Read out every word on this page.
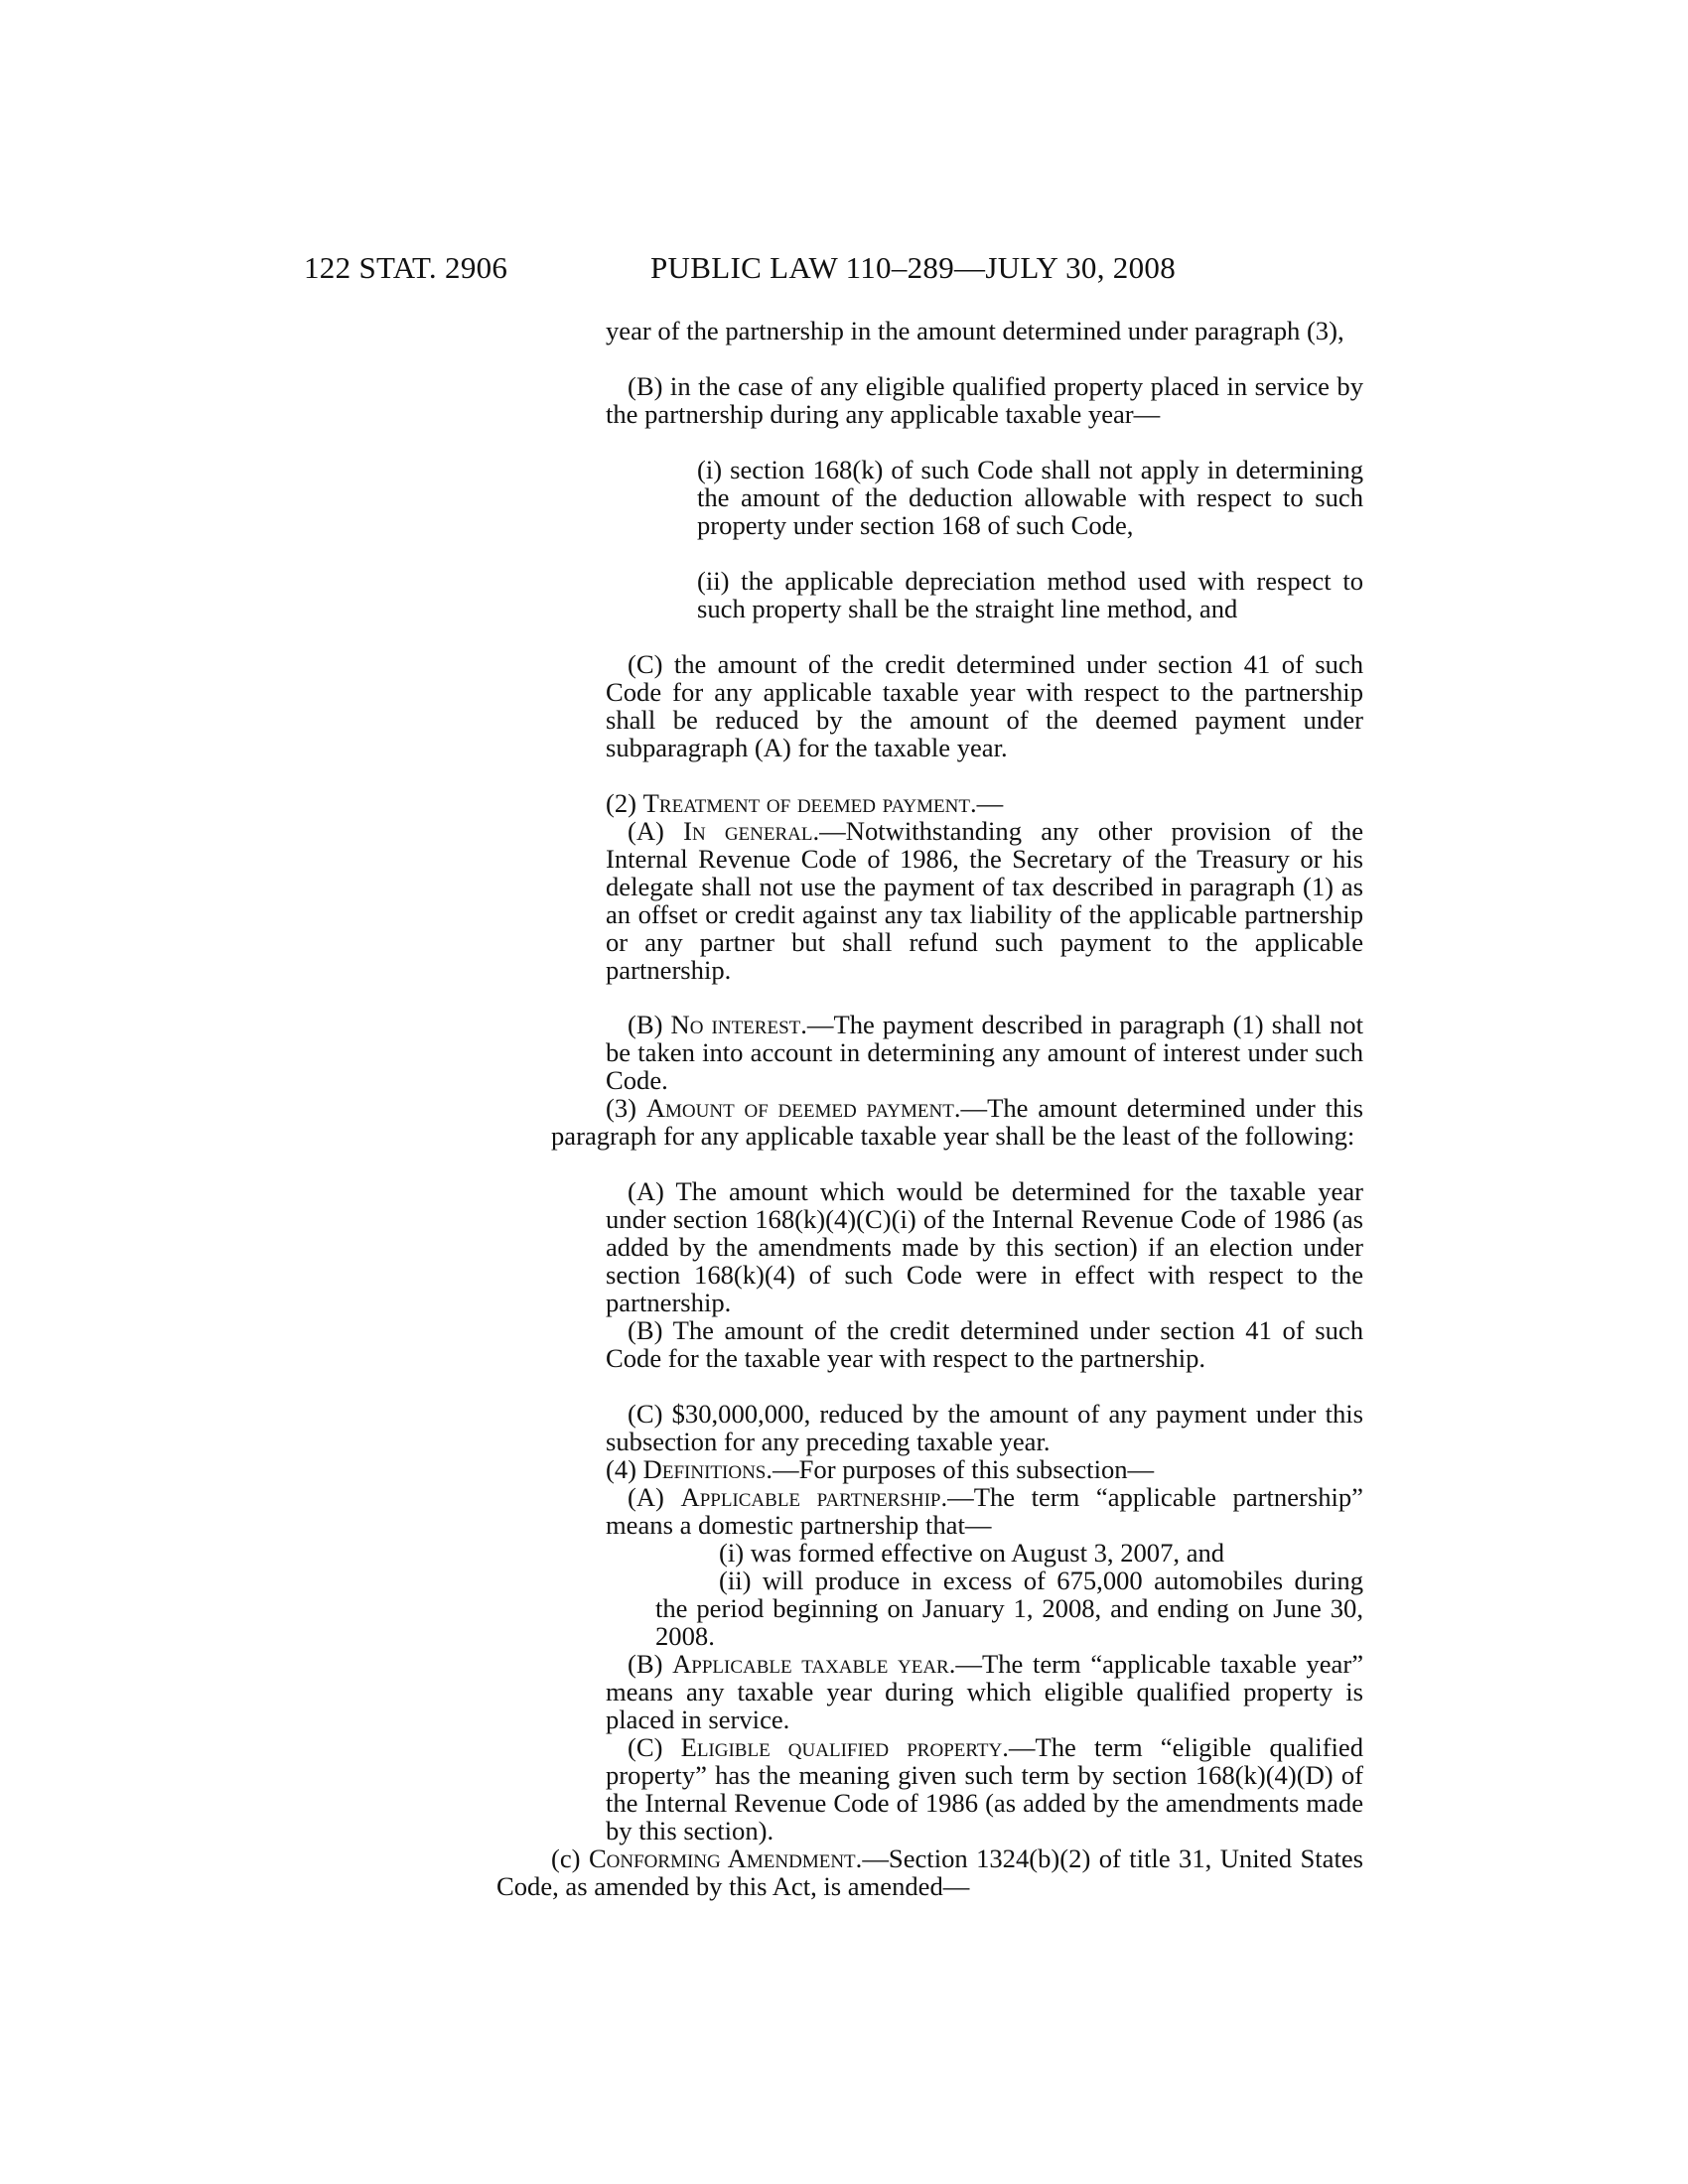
122 STAT. 2906	PUBLIC LAW 110–289—JULY 30, 2008
year of the partnership in the amount determined under paragraph (3),
(B) in the case of any eligible qualified property placed in service by the partnership during any applicable taxable year—
(i) section 168(k) of such Code shall not apply in determining the amount of the deduction allowable with respect to such property under section 168 of such Code,
(ii) the applicable depreciation method used with respect to such property shall be the straight line method, and
(C) the amount of the credit determined under section 41 of such Code for any applicable taxable year with respect to the partnership shall be reduced by the amount of the deemed payment under subparagraph (A) for the taxable year.
(2) Treatment of deemed payment.—
(A) In general.—Notwithstanding any other provision of the Internal Revenue Code of 1986, the Secretary of the Treasury or his delegate shall not use the payment of tax described in paragraph (1) as an offset or credit against any tax liability of the applicable partnership or any partner but shall refund such payment to the applicable partnership.
(B) No interest.—The payment described in paragraph (1) shall not be taken into account in determining any amount of interest under such Code.
(3) Amount of deemed payment.—The amount determined under this paragraph for any applicable taxable year shall be the least of the following:
(A) The amount which would be determined for the taxable year under section 168(k)(4)(C)(i) of the Internal Revenue Code of 1986 (as added by the amendments made by this section) if an election under section 168(k)(4) of such Code were in effect with respect to the partnership.
(B) The amount of the credit determined under section 41 of such Code for the taxable year with respect to the partnership.
(C) $30,000,000, reduced by the amount of any payment under this subsection for any preceding taxable year.
(4) Definitions.—For purposes of this subsection—
(A) Applicable partnership.—The term “applicable partnership” means a domestic partnership that—
(i) was formed effective on August 3, 2007, and
(ii) will produce in excess of 675,000 automobiles during the period beginning on January 1, 2008, and ending on June 30, 2008.
(B) Applicable taxable year.—The term “applicable taxable year” means any taxable year during which eligible qualified property is placed in service.
(C) Eligible qualified property.—The term “eligible qualified property” has the meaning given such term by section 168(k)(4)(D) of the Internal Revenue Code of 1986 (as added by the amendments made by this section).
(c) Conforming Amendment.—Section 1324(b)(2) of title 31, United States Code, as amended by this Act, is amended—
